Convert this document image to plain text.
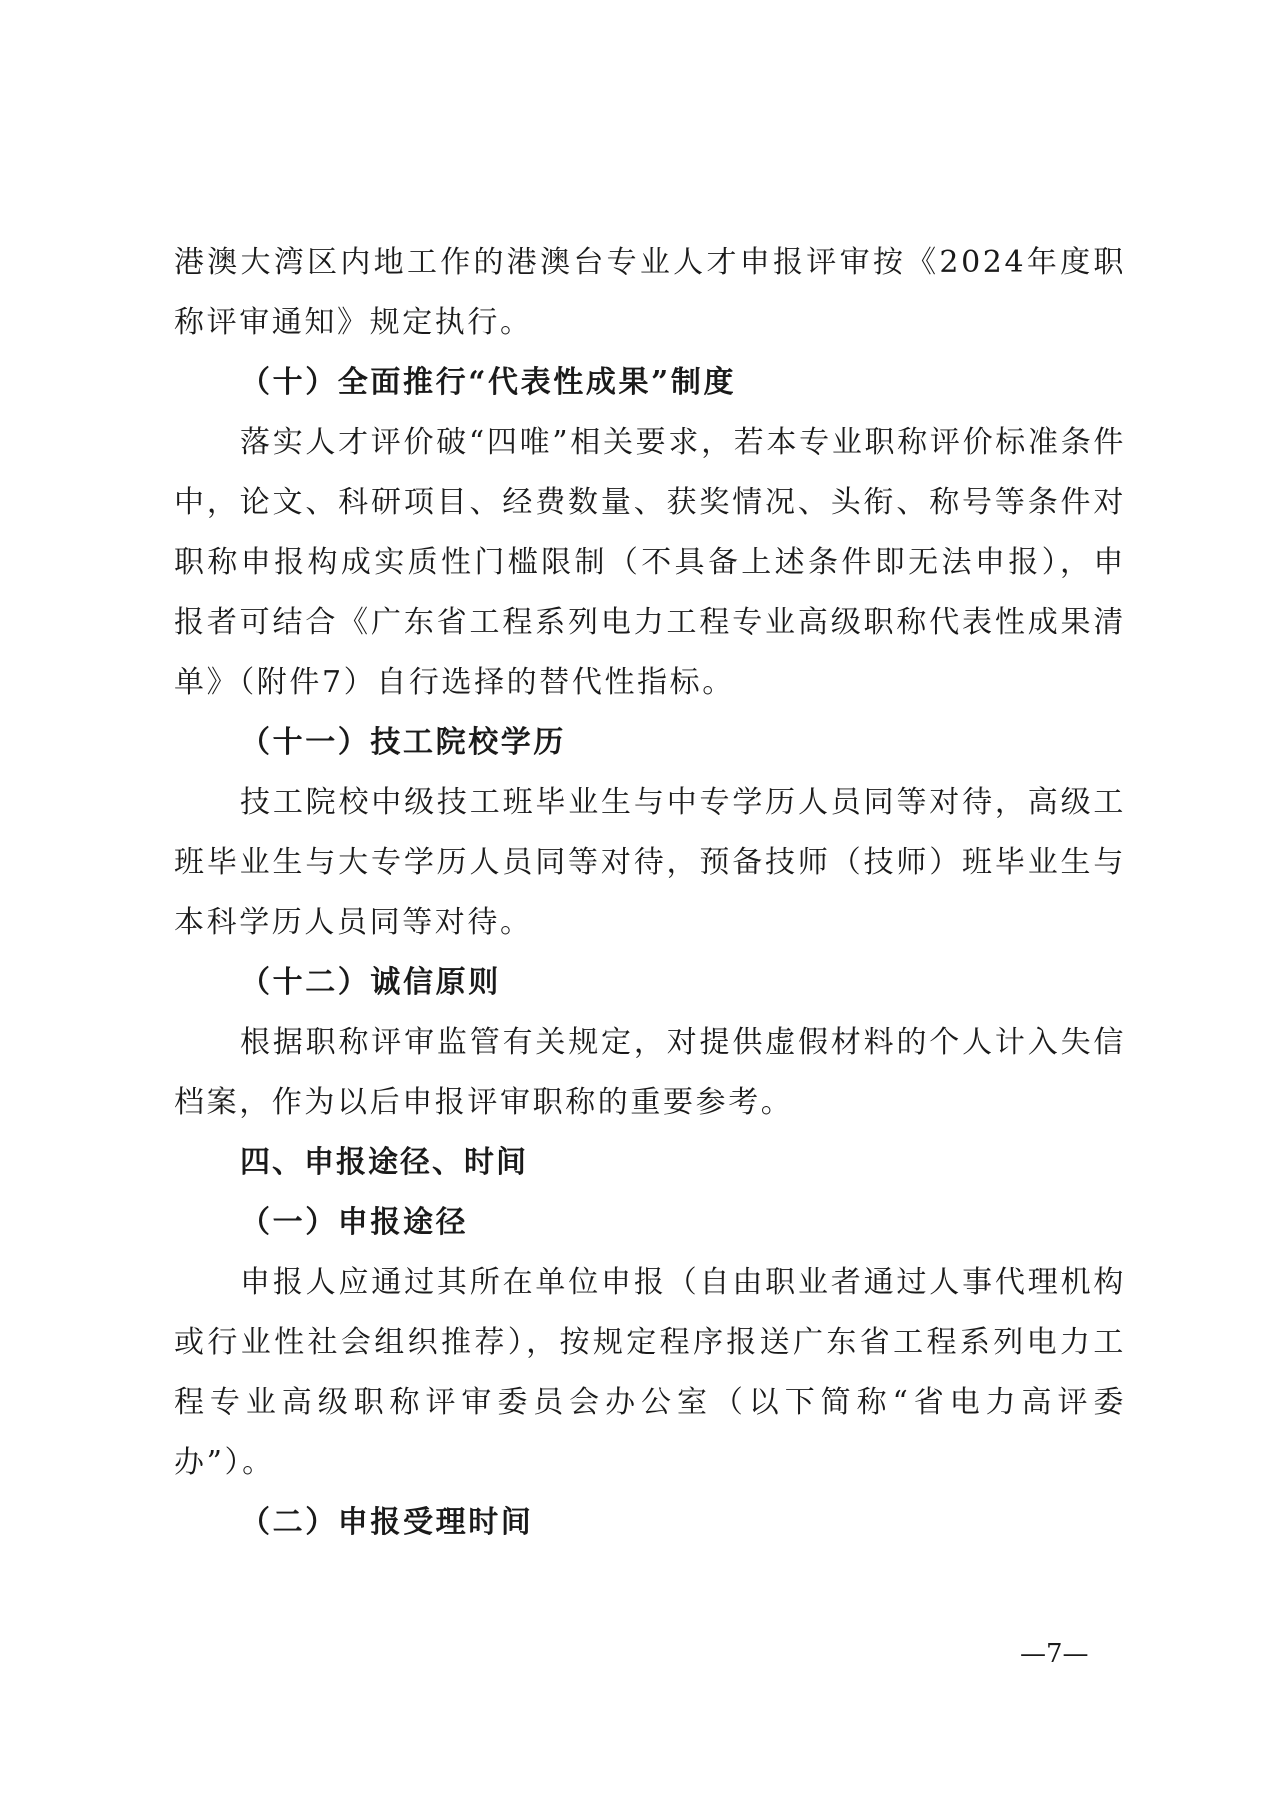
港澳大湾区内地工作的港澳台专业人才申报评审按《2024年度职称评审通知》规定执行。

（十）全面推行“代表性成果”制度

落实人才评价破“四唯”相关要求，若本专业职称评价标准条件中，论文、科研项目、经费数量、获奖情况、头衔、称号等条件对职称申报构成实质性门槛限制（不具备上述条件即无法申报），申报者可结合《广东省工程系列电力工程专业高级职称代表性成果清单》（附件7）自行选择的替代性指标。

（十一）技工院校学历

技工院校中级技工班毕业生与中专学历人员同等对待，高级工班毕业生与大专学历人员同等对待，预备技师（技师）班毕业生与本科学历人员同等对待。

（十二）诚信原则

根据职称评审监管有关规定，对提供虚假材料的个人计入失信档案，作为以后申报评审职称的重要参考。

四、申报途径、时间

（一）申报途径

申报人应通过其所在单位申报（自由职业者通过人事代理机构或行业性社会组织推荐），按规定程序报送广东省工程系列电力工程专业高级职称评审委员会办公室（以下简称“省电力高评委办”）。

（二）申报受理时间

—7—
